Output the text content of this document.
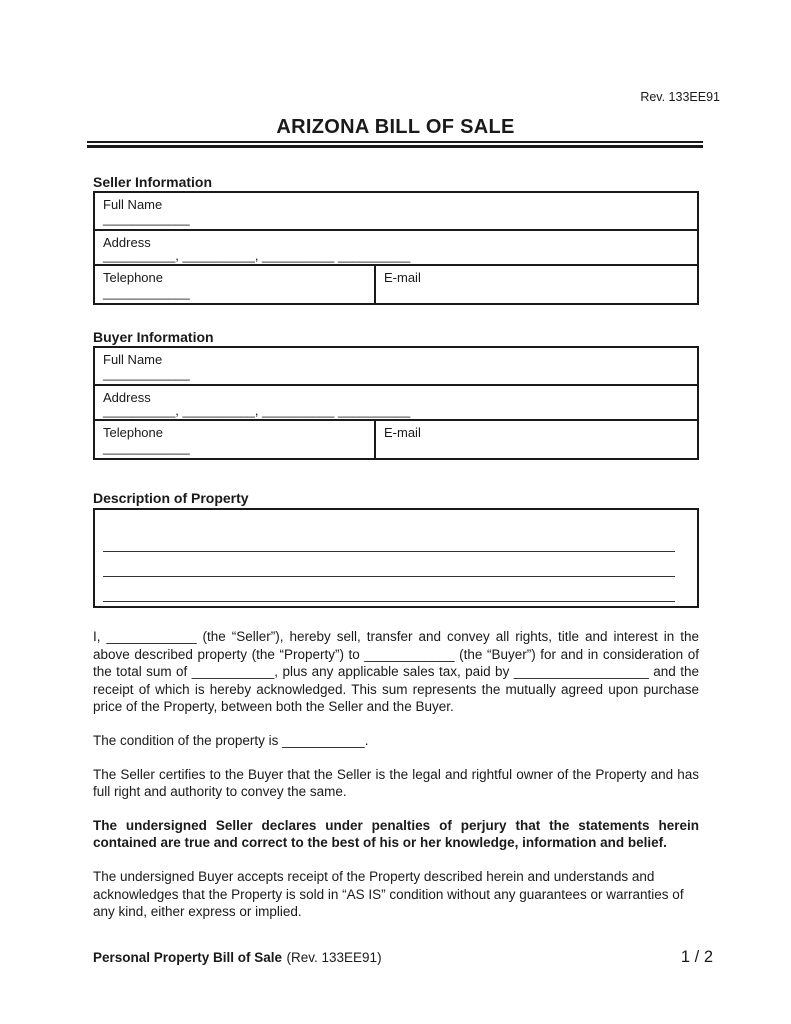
Rev. 133EE91
ARIZONA BILL OF SALE
Seller Information
Full Name
____________
Address
__________, __________, __________ __________
Telephone
____________
E-mail
Buyer Information
Full Name
____________
Address
__________, __________, __________ __________
Telephone
____________
E-mail
Description of Property

I, ____________ (the “Seller”), hereby sell, transfer and convey all rights, title and interest in the above described property (the “Property”) to ____________ (the “Buyer”) for and in consideration of the total sum of ___________, plus any applicable sales tax, paid by __________________ and the receipt of which is hereby acknowledged. This sum represents the mutually agreed upon purchase price of the Property, between both the Seller and the Buyer.

The condition of the property is ___________.

The Seller certifies to the Buyer that the Seller is the legal and rightful owner of the Property and has full right and authority to convey the same.

The undersigned Seller declares under penalties of perjury that the statements herein contained are true and correct to the best of his or her knowledge, information and belief.

The undersigned Buyer accepts receipt of the Property described herein and understands and acknowledges that the Property is sold in “AS IS” condition without any guarantees or warranties of any kind, either express or implied.

Personal Property Bill of Sale (Rev. 133EE91)	1 / 2
